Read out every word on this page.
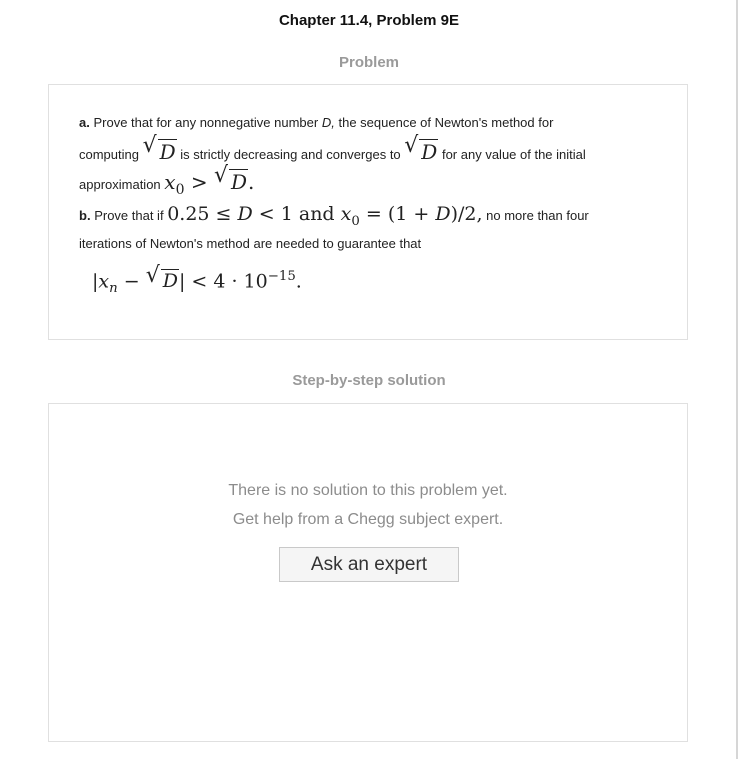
Chapter 11.4, Problem 9E
Problem
a. Prove that for any nonnegative number D, the sequence of Newton's method for
computing √ D is strictly decreasing and converges to √ D for any value of the initial
approximation $x_0$ > √ D.
b. Prove that if 0.25 ≤ D < 1 and $x_0 = (1 + D)/2$, no more than four
iterations of Newton's method are needed to guarantee that
$|x_n$ − √ $D| < 4 \cdot 10^{-15}$.
Step-by-step solution
There is no solution to this problem yet.
Get help from a Chegg subject expert.
Ask an expert
